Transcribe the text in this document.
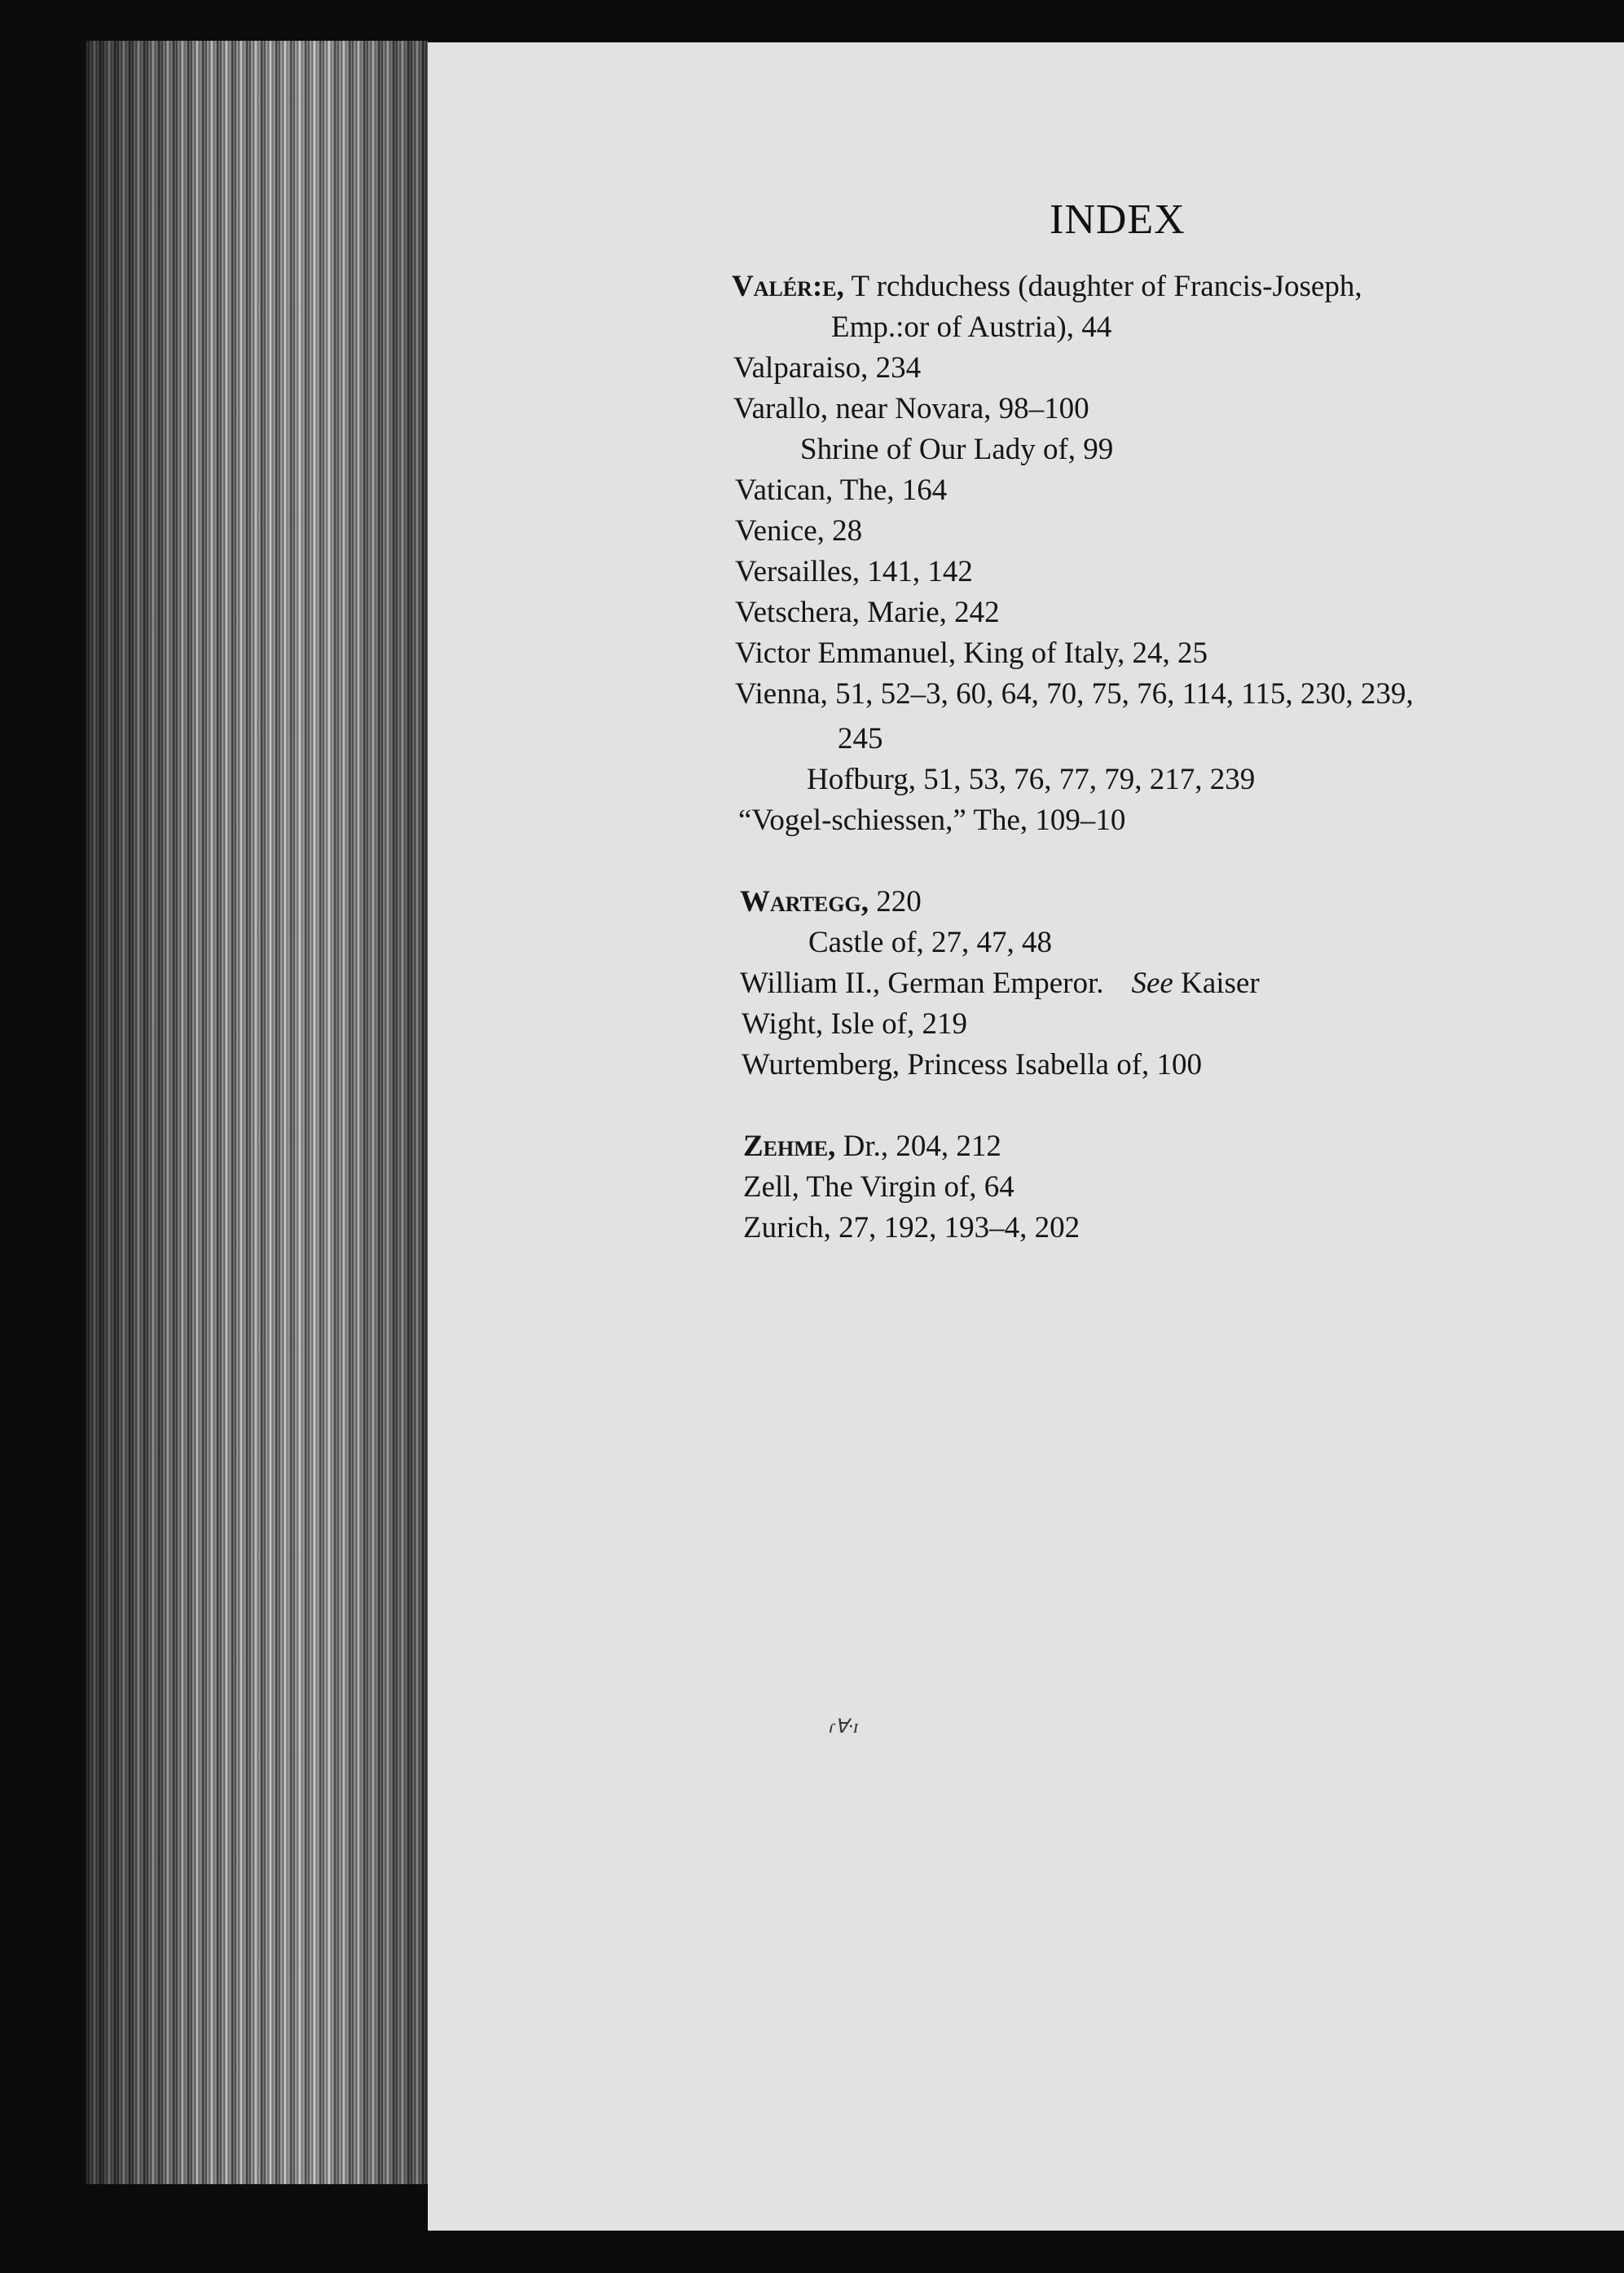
INDEX
Valér:e, T rchduchess (daughter of Francis-Joseph,
Emp.:or of Austria), 44
Valparaiso, 234
Varallo, near Novara, 98–100
Shrine of Our Lady of, 99
Vatican, The, 164
Venice, 28
Versailles, 141, 142
Vetschera, Marie, 242
Victor Emmanuel, King of Italy, 24, 25
Vienna, 51, 52–3, 60, 64, 70, 75, 76, 114, 115, 230, 239,
245
Hofburg, 51, 53, 76, 77, 79, 217, 239
“Vogel-schiessen,” The, 109–10
Wartegg, 220
Castle of, 27, 47, 48
William II., German Emperor. See Kaiser
Wight, Isle of, 219
Wurtemberg, Princess Isabella of, 100
Zehme, Dr., 204, 212
Zell, The Virgin of, 64
Zurich, 27, 192, 193–4, 202
ɾ∀·ɪ
